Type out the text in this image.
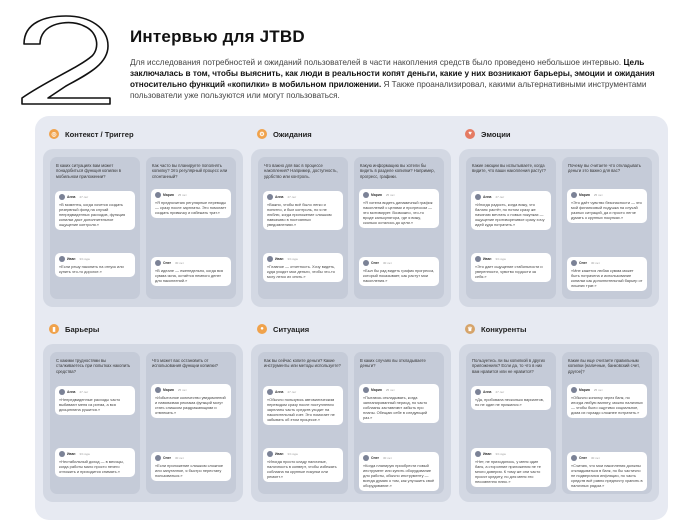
Интервью для JTBD
Для исследования потребностей и ожиданий пользователей в части накопления средств было проведено небольшое интервью. Цель заключалась в том, чтобы выяснить, как люди в реальности копят деньги, какие у них возникают барьеры, эмоции и ожидания относительно функций «копилки» в мобильном приложении. Я Также проанализировал, какими альтернативными инструментами пользователи уже пользуются или могут пользоваться.
◎	Контекст / Триггер
В каких ситуациях вам может понадобиться функция копилки в мобильном приложении?
Анна 27 лет
«В моменты, когда хочется создать резервный фонд на случай непредвиденных расходов, функция копилки даст дополнительное ощущение контроля.»
Иван 33 года
«Если решу накопить на отпуск или купить что-то дорогое.»
Как часто вы планируете пополнять копилку? Это регулярный процесс или спонтанный?
Мария 25 лет
«Я предпочитаю регулярные переводы — сразу после зарплаты. Это помогает создать привычку и избежать трат.»
Олег 30 лет
«В идеале — еженедельно, когда вся сумма ясна, остаётся немного денег для накоплений.»
⚙	Ожидания
Что важно для вас в процессе накопления? Например, доступность, удобство или контроль.
Анна 27 лет
«Важно, чтобы всё было легко и понятно, и был контроль, но я не люблю, когда приложение слишком навязчиво в постоянных уведомлениях.»
Иван 33 года
«Главное — отчетность. Хочу видеть, куда уходят мои деньги, чтобы что-то могу легко их снять.»
Какую информацию вы хотели бы видеть в разделе копилки? Например, прогресс, графики.
Мария 25 лет
«Я хотела видеть динамичный график накоплений с целями и прогрессом — это мотивирует. Возможно, что-то вроде калькулятора, где я вижу, сколько осталось до цели.»
Олег 30 лет
«Был бы рад видеть график прогресса, который показывает, как растут мои накопления.»
♥	Эмоции
Какие эмоции вы испытываете, когда видите, что ваши накопления растут?
Анна 27 лет
«Иногда радость, когда вижу, что баланс растёт, но потом сразу же начинаю мечтать о новых покупках — ощущение противоречивое сразу хочу идей куда потратить.»
Иван 33 года
«Это дает ощущение стабильности и уверенности, чувство гордости за себя.»
Почему вы считаете что откладывать деньги это важно для вас?
Мария 25 лет
«Это даёт чувство безопасности — это мой финансовый подушка на случай разных ситуаций, да и просто легче думать о крупных покупках.»
Олег 30 лет
«Мне кажется любая сумма может быть потрачена и использование копилки как дополнительный барьер от лишних трат.»
▮	Барьеры
С какими трудностями вы сталкиваетесь при попытках накопить средства?
Анна 27 лет
«Непредвиденные расходы часто выбивают меня из ритма, а вся дисциплина рушится.»
Иван 33 года
«Нестабильный доход — в месяцы, когда работы мало просто нечего отложить и приходится снимать.»
Что может вас остановить от использования функции копилки?
Мария 25 лет
«Избыточное количество уведомлений и навязчивая реклама функций могут стать слишком раздражающими и отвлекать.»
Олег 30 лет
«Если приложение слишком сложное или запутанное, я быстро перестану пользоваться.»
●	Ситуация
Как вы сейчас копите деньги? Какие инструменты или методы используете?
Анна 27 лет
«Обычно пользуюсь автоматическим переводом сразу после поступления зарплаты часть средств уходит на накопительный счет. Это помогает не забывать об этом процессе.»
Иван 33 года
«Иногда просто кладу наличные, наличность в конверт, чтобы избежать соблазна на крупные покупки или ремонт.»
В каких случаях вы откладываете деньги?
Мария 25 лет
«Пытаюсь откладывать, когда запланированный период, но часто соблазны заставляют забыть про планы. Обещаю себе в следующий раз.»
Олег 30 лет
«Когда планирую приобрести новый инструмент или купить оборудование для работы, обычно инструменту — всегда думаю о том, как улучшить своё оборудование.»
♛	Конкуренты
Пользуетесь ли вы копилкой в других приложениях? Если да, то что в них вам нравится или не нравится?
Анна 27 лет
«Да, пробовала несколько вариантов, но не один не прижился.»
Иван 33 года
«Нет, не приходилось, у меня один банк, а сторонние приложения не те много доверия. К тому же они часто просят кредиту, но для меня это несомненно плюс.»
Какие вы еще считаете правильным копилки (наличные, банковский счет, другое)?
Мария 25 лет
«Обычно копилку через банк, но иногда любую валюту, можно наличных — чтобы было ощутимо социальное, дома их гораздо сложнее потратить.»
Олег 30 лет
«Считаю, что мои накопления должны откладываться в банк, но бы частично не подвергался инфляции, но часть средств всё равно предпочту хранить в наличных рядом.»
